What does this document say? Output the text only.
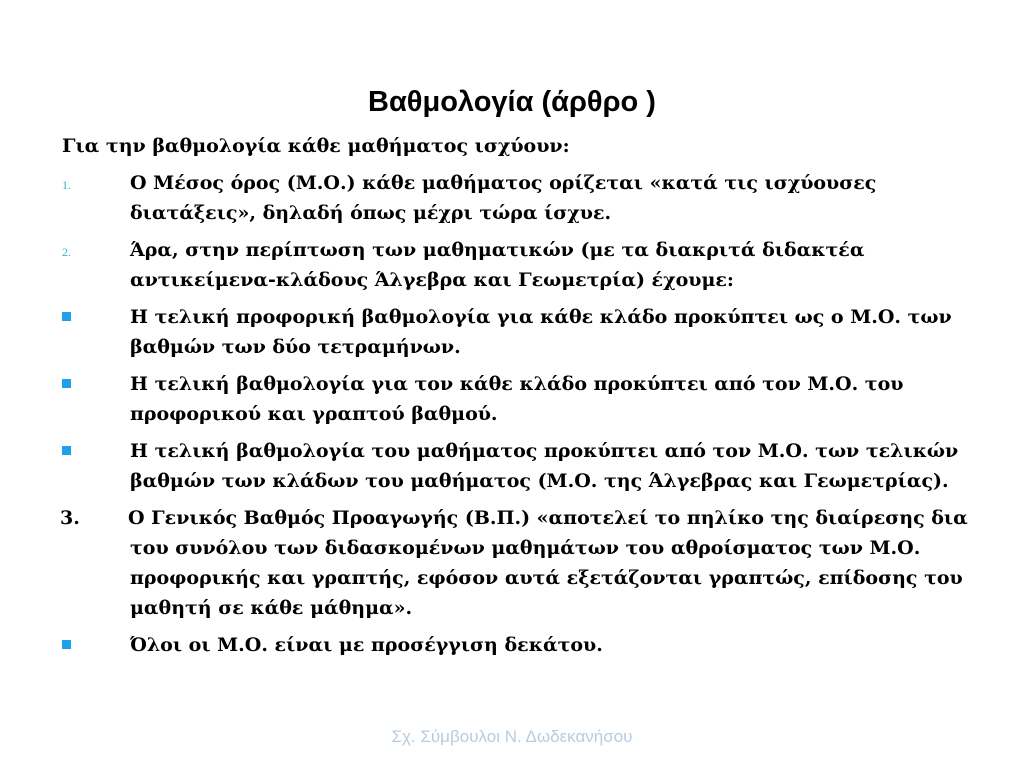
Βαθμολογία (άρθρο )
Για την βαθμολογία κάθε μαθήματος ισχύουν:
1.	Ο Μέσος όρος (Μ.Ο.) κάθε μαθήματος ορίζεται «κατά τις ισχύουσες διατάξεις», δηλαδή όπως μέχρι τώρα ίσχυε.
2.	Άρα, στην περίπτωση των μαθηματικών (με τα διακριτά διδακτέα αντικείμενα-κλάδους Άλγεβρα και Γεωμετρία) έχουμε:
Η τελική προφορική βαθμολογία για κάθε κλάδο προκύπτει ως ο Μ.Ο. των βαθμών των δύο τετραμήνων.
Η τελική βαθμολογία για τον κάθε κλάδο προκύπτει από τον Μ.Ο. του προφορικού και γραπτού βαθμού.
Η τελική βαθμολογία του μαθήματος προκύπτει από τον Μ.Ο. των τελικών βαθμών των κλάδων του μαθήματος (Μ.Ο. της Άλγεβρας και Γεωμετρίας).
3.	Ο Γενικός Βαθμός Προαγωγής (Β.Π.) «αποτελεί το πηλίκο της διαίρεσης δια του συνόλου των διδασκομένων μαθημάτων του αθροίσματος των Μ.Ο. προφορικής και γραπτής, εφόσον αυτά εξετάζονται γραπτώς, επίδοσης του μαθητή σε κάθε μάθημα».
Όλοι οι Μ.Ο. είναι με προσέγγιση δεκάτου.
Σχ. Σύμβουλοι Ν. Δωδεκανήσου
